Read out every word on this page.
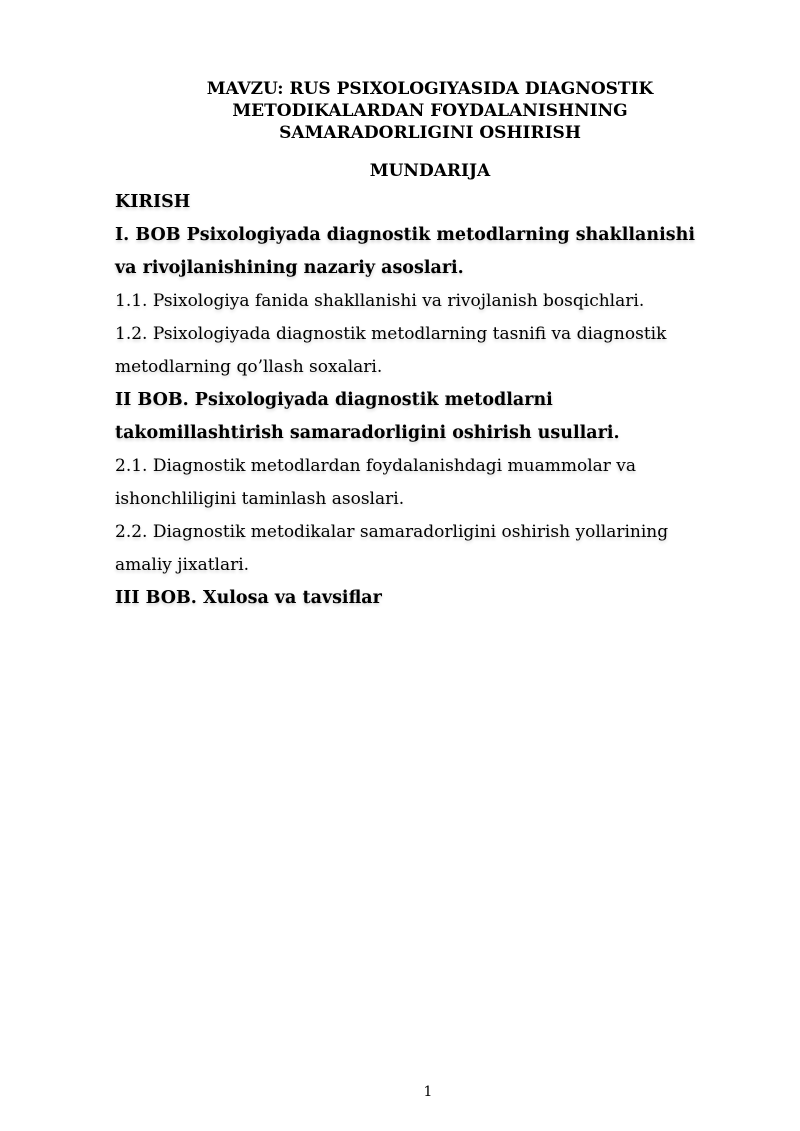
MAVZU: RUS PSIXOLOGIYASIDA DIAGNOSTIK
METODIKALARDAN FOYDALANISHNING
SAMARADORLIGINI OSHIRISH
MUNDARIJA
KIRISH
I. BOB Psixologiyada diagnostik metodlarning shakllanishi
va rivojlanishining nazariy asoslari.
1.1. Psixologiya fanida shakllanishi va rivojlanish bosqichlari.
1.2. Psixologiyada diagnostik metodlarning tasnifi va diagnostik
metodlarning qo’llash soxalari.
II BOB. Psixologiyada diagnostik metodlarni
takomillashtirish samaradorligini oshirish usullari.
2.1. Diagnostik metodlardan foydalanishdagi muammolar va
ishonchliligini taminlash asoslari.
2.2. Diagnostik metodikalar samaradorligini oshirish yollarining
amaliy jixatlari.
III BOB. Xulosa va tavsiflar
1
